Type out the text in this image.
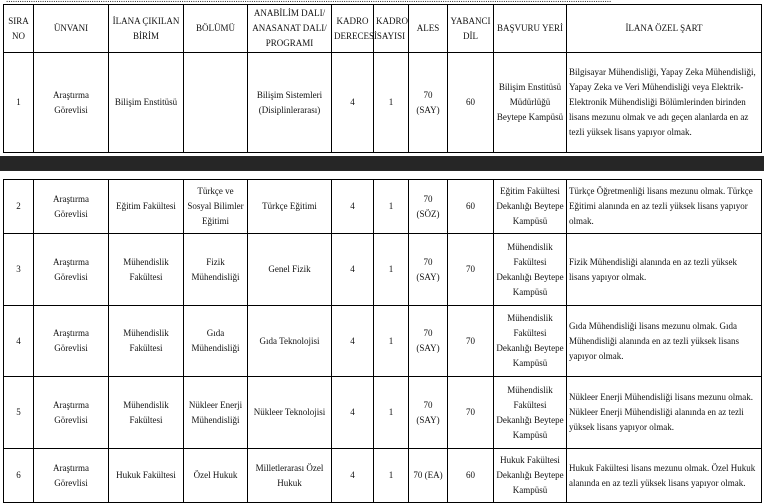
SIRA NO	ÜNVANI	İLANA ÇIKILAN BİRİM	BÖLÜMÜ	ANABİLİM DALI/ ANASANAT DALI/ PROGRAMI	KADRO DERECESİ	KADRO SAYISI	ALES	YABANCI DİL	BAŞVURU YERİ	İLANA ÖZEL ŞART
1	Araştırma Görevlisi	Bilişim Enstitüsü		Bilişim Sistemleri (Disiplinlerarası)	4	1	70 (SAY)	60	Bilişim Enstitüsü Müdürlüğü Beytepe Kampüsü	Bilgisayar Mühendisliği, Yapay Zeka Mühendisliği, Yapay Zeka ve Veri Mühendisliği veya Elektrik-Elektronik Mühendisliği Bölümlerinden birinden lisans mezunu olmak ve adı geçen alanlarda en az tezli yüksek lisans yapıyor olmak.
2	Araştırma Görevlisi	Eğitim Fakültesi	Türkçe ve Sosyal Bilimler Eğitimi	Türkçe Eğitimi	4	1	70 (SÖZ)	60	Eğitim Fakültesi Dekanlığı Beytepe Kampüsü	Türkçe Öğretmenliği lisans mezunu olmak. Türkçe Eğitimi alanında en az tezli yüksek lisans yapıyor olmak.
3	Araştırma Görevlisi	Mühendislik Fakültesi	Fizik Mühendisliği	Genel Fizik	4	1	70 (SAY)	70	Mühendislik Fakültesi Dekanlığı Beytepe Kampüsü	Fizik Mühendisliği alanında en az tezli yüksek lisans yapıyor olmak.
4	Araştırma Görevlisi	Mühendislik Fakültesi	Gıda Mühendisliği	Gıda Teknolojisi	4	1	70 (SAY)	70	Mühendislik Fakültesi Dekanlığı Beytepe Kampüsü	Gıda Mühendisliği lisans mezunu olmak. Gıda Mühendisliği alanında en az tezli yüksek lisans yapıyor olmak.
5	Araştırma Görevlisi	Mühendislik Fakültesi	Nükleer Enerji Mühendisliği	Nükleer Teknolojisi	4	1	70 (SAY)	70	Mühendislik Fakültesi Dekanlığı Beytepe Kampüsü	Nükleer Enerji Mühendisliği lisans mezunu olmak. Nükleer Enerji Mühendisliği alanında en az tezli yüksek lisans yapıyor olmak.
6	Araştırma Görevlisi	Hukuk Fakültesi	Özel Hukuk	Milletlerarası Özel Hukuk	4	1	70 (EA)	60	Hukuk Fakültesi Dekanlığı Beytepe Kampüsü	Hukuk Fakültesi lisans mezunu olmak. Özel Hukuk alanında en az tezli yüksek lisans yapıyor olmak.
